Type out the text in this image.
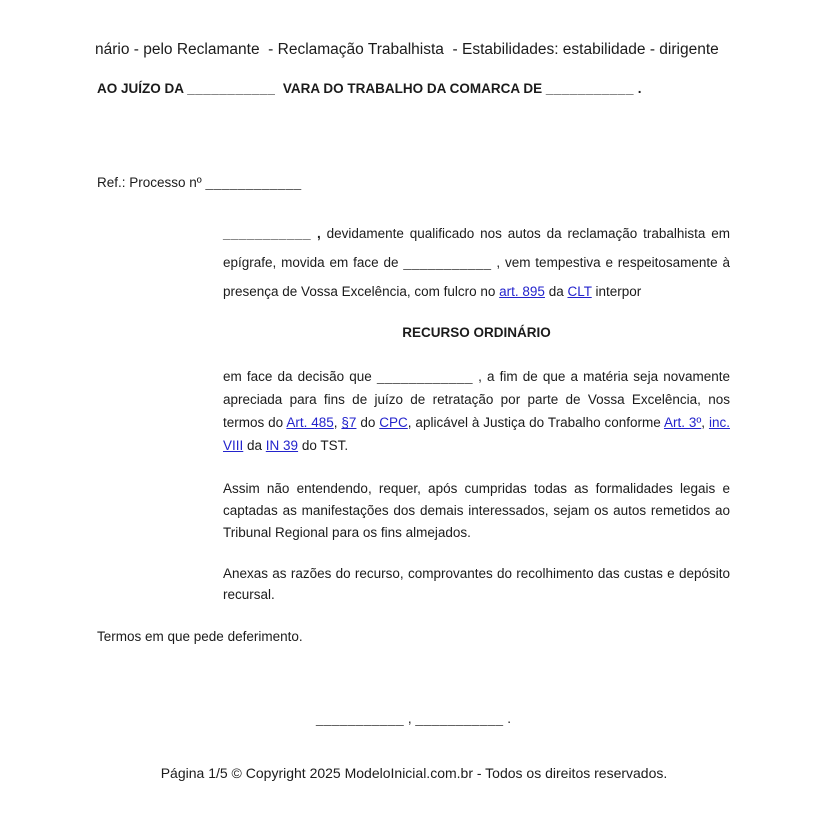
nário - pelo Reclamante  - Reclamação Trabalhista  - Estabilidades: estabilidade - dirigente
AO JUÍZO DA ___________  VARA DO TRABALHO DA COMARCA DE ___________ .
Ref.: Processo nº ____________
___________ , devidamente qualificado nos autos da reclamação trabalhista em epígrafe, movida em face de ___________ , vem tempestiva e respeitosamente à presença de Vossa Excelência, com fulcro no art. 895 da CLT interpor
RECURSO ORDINÁRIO
em face da decisão que ____________ , a fim de que a matéria seja novamente apreciada para fins de juízo de retratação por parte de Vossa Excelência, nos termos do Art. 485, §7 do CPC, aplicável à Justiça do Trabalho conforme Art. 3º, inc. VIII da IN 39 do TST.
Assim não entendendo, requer, após cumpridas todas as formalidades legais e captadas as manifestações dos demais interessados, sejam os autos remetidos ao Tribunal Regional para os fins almejados.
Anexas as razões do recurso, comprovantes do recolhimento das custas e depósito recursal.
Termos em que pede deferimento.
___________ , ___________ .
Página 1/5 © Copyright 2025 ModeloInicial.com.br - Todos os direitos reservados.
